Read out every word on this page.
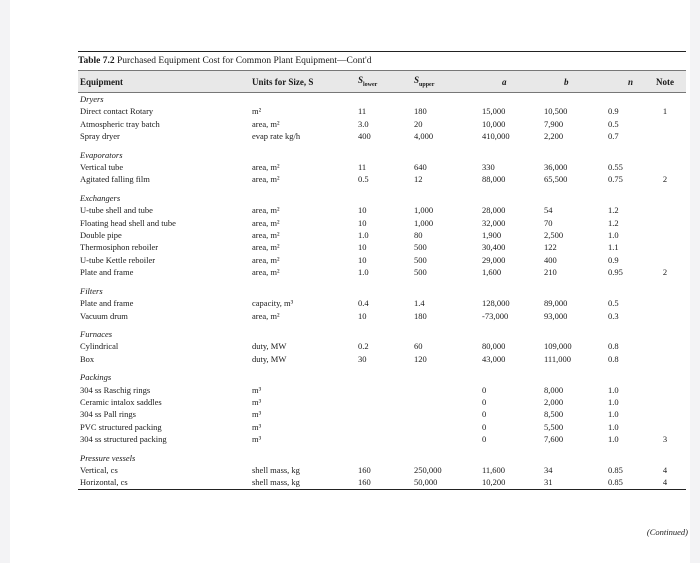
Table 7.2 Purchased Equipment Cost for Common Plant Equipment—Cont'd
Equipment	Units for Size, S	$S_{lower}$	$S_{upper}$	a	b	n	Note
Dryers							
Direct contact Rotary	m²	11	180	15,000	10,500	0.9	1
Atmospheric tray batch	area, m²	3.0	20	10,000	7,900	0.5	
Spray dryer	evap rate kg/h	400	4,000	410,000	2,200	0.7	

Evaporators							
Vertical tube	area, m²	11	640	330	36,000	0.55	
Agitated falling film	area, m²	0.5	12	88,000	65,500	0.75	2

Exchangers							
U-tube shell and tube	area, m²	10	1,000	28,000	54	1.2	
Floating head shell and tube	area, m²	10	1,000	32,000	70	1.2	
Double pipe	area, m²	1.0	80	1,900	2,500	1.0	
Thermosiphon reboiler	area, m²	10	500	30,400	122	1.1	
U-tube Kettle reboiler	area, m²	10	500	29,000	400	0.9	
Plate and frame	area, m²	1.0	500	1,600	210	0.95	2

Filters							
Plate and frame	capacity, m³	0.4	1.4	128,000	89,000	0.5	
Vacuum drum	area, m²	10	180	-73,000	93,000	0.3	

Furnaces							
Cylindrical	duty, MW	0.2	60	80,000	109,000	0.8	
Box	duty, MW	30	120	43,000	111,000	0.8	

Packings							
304 ss Raschig rings	m³			0	8,000	1.0	
Ceramic intalox saddles	m³			0	2,000	1.0	
304 ss Pall rings	m³			0	8,500	1.0	
PVC structured packing	m³			0	5,500	1.0	
304 ss structured packing	m³			0	7,600	1.0	3

Pressure vessels							
Vertical, cs	shell mass, kg	160	250,000	11,600	34	0.85	4
Horizontal, cs	shell mass, kg	160	50,000	10,200	31	0.85	4
(Continued)
